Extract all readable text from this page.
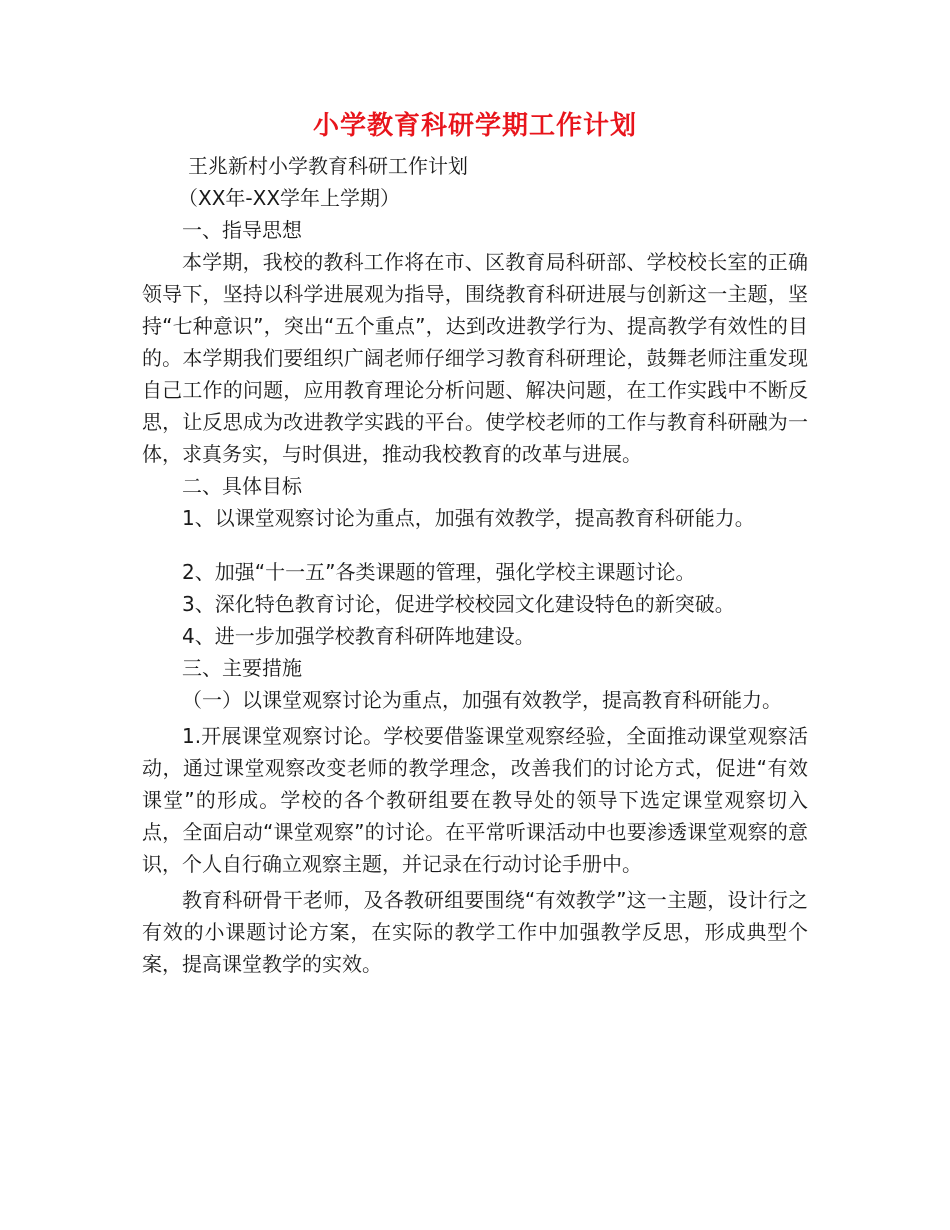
小学教育科研学期工作计划

王兆新村小学教育科研工作计划

（XX年-XX学年上学期）

一、指导思想

本学期，我校的教科工作将在市、区教育局科研部、学校校长室的正确领导下，坚持以科学进展观为指导，围绕教育科研进展与创新这一主题，坚持“七种意识”，突出“五个重点”，达到改进教学行为、提高教学有效性的目的。本学期我们要组织广阔老师仔细学习教育科研理论，鼓舞老师注重发现自己工作的问题，应用教育理论分析问题、解决问题，在工作实践中不断反思，让反思成为改进教学实践的平台。使学校老师的工作与教育科研融为一体，求真务实，与时俱进，推动我校教育的改革与进展。

二、具体目标

1、以课堂观察讨论为重点，加强有效教学，提高教育科研能力。

2、加强“十一五”各类课题的管理，强化学校主课题讨论。

3、深化特色教育讨论，促进学校校园文化建设特色的新突破。

4、进一步加强学校教育科研阵地建设。

三、主要措施

（一）以课堂观察讨论为重点，加强有效教学，提高教育科研能力。

1.开展课堂观察讨论。学校要借鉴课堂观察经验，全面推动课堂观察活动，通过课堂观察改变老师的教学理念，改善我们的讨论方式，促进“有效课堂”的形成。学校的各个教研组要在教导处的领导下选定课堂观察切入点，全面启动“课堂观察”的讨论。在平常听课活动中也要渗透课堂观察的意识，个人自行确立观察主题，并记录在行动讨论手册中。

教育科研骨干老师，及各教研组要围绕“有效教学”这一主题，设计行之有效的小课题讨论方案，在实际的教学工作中加强教学反思，形成典型个案，提高课堂教学的实效。
